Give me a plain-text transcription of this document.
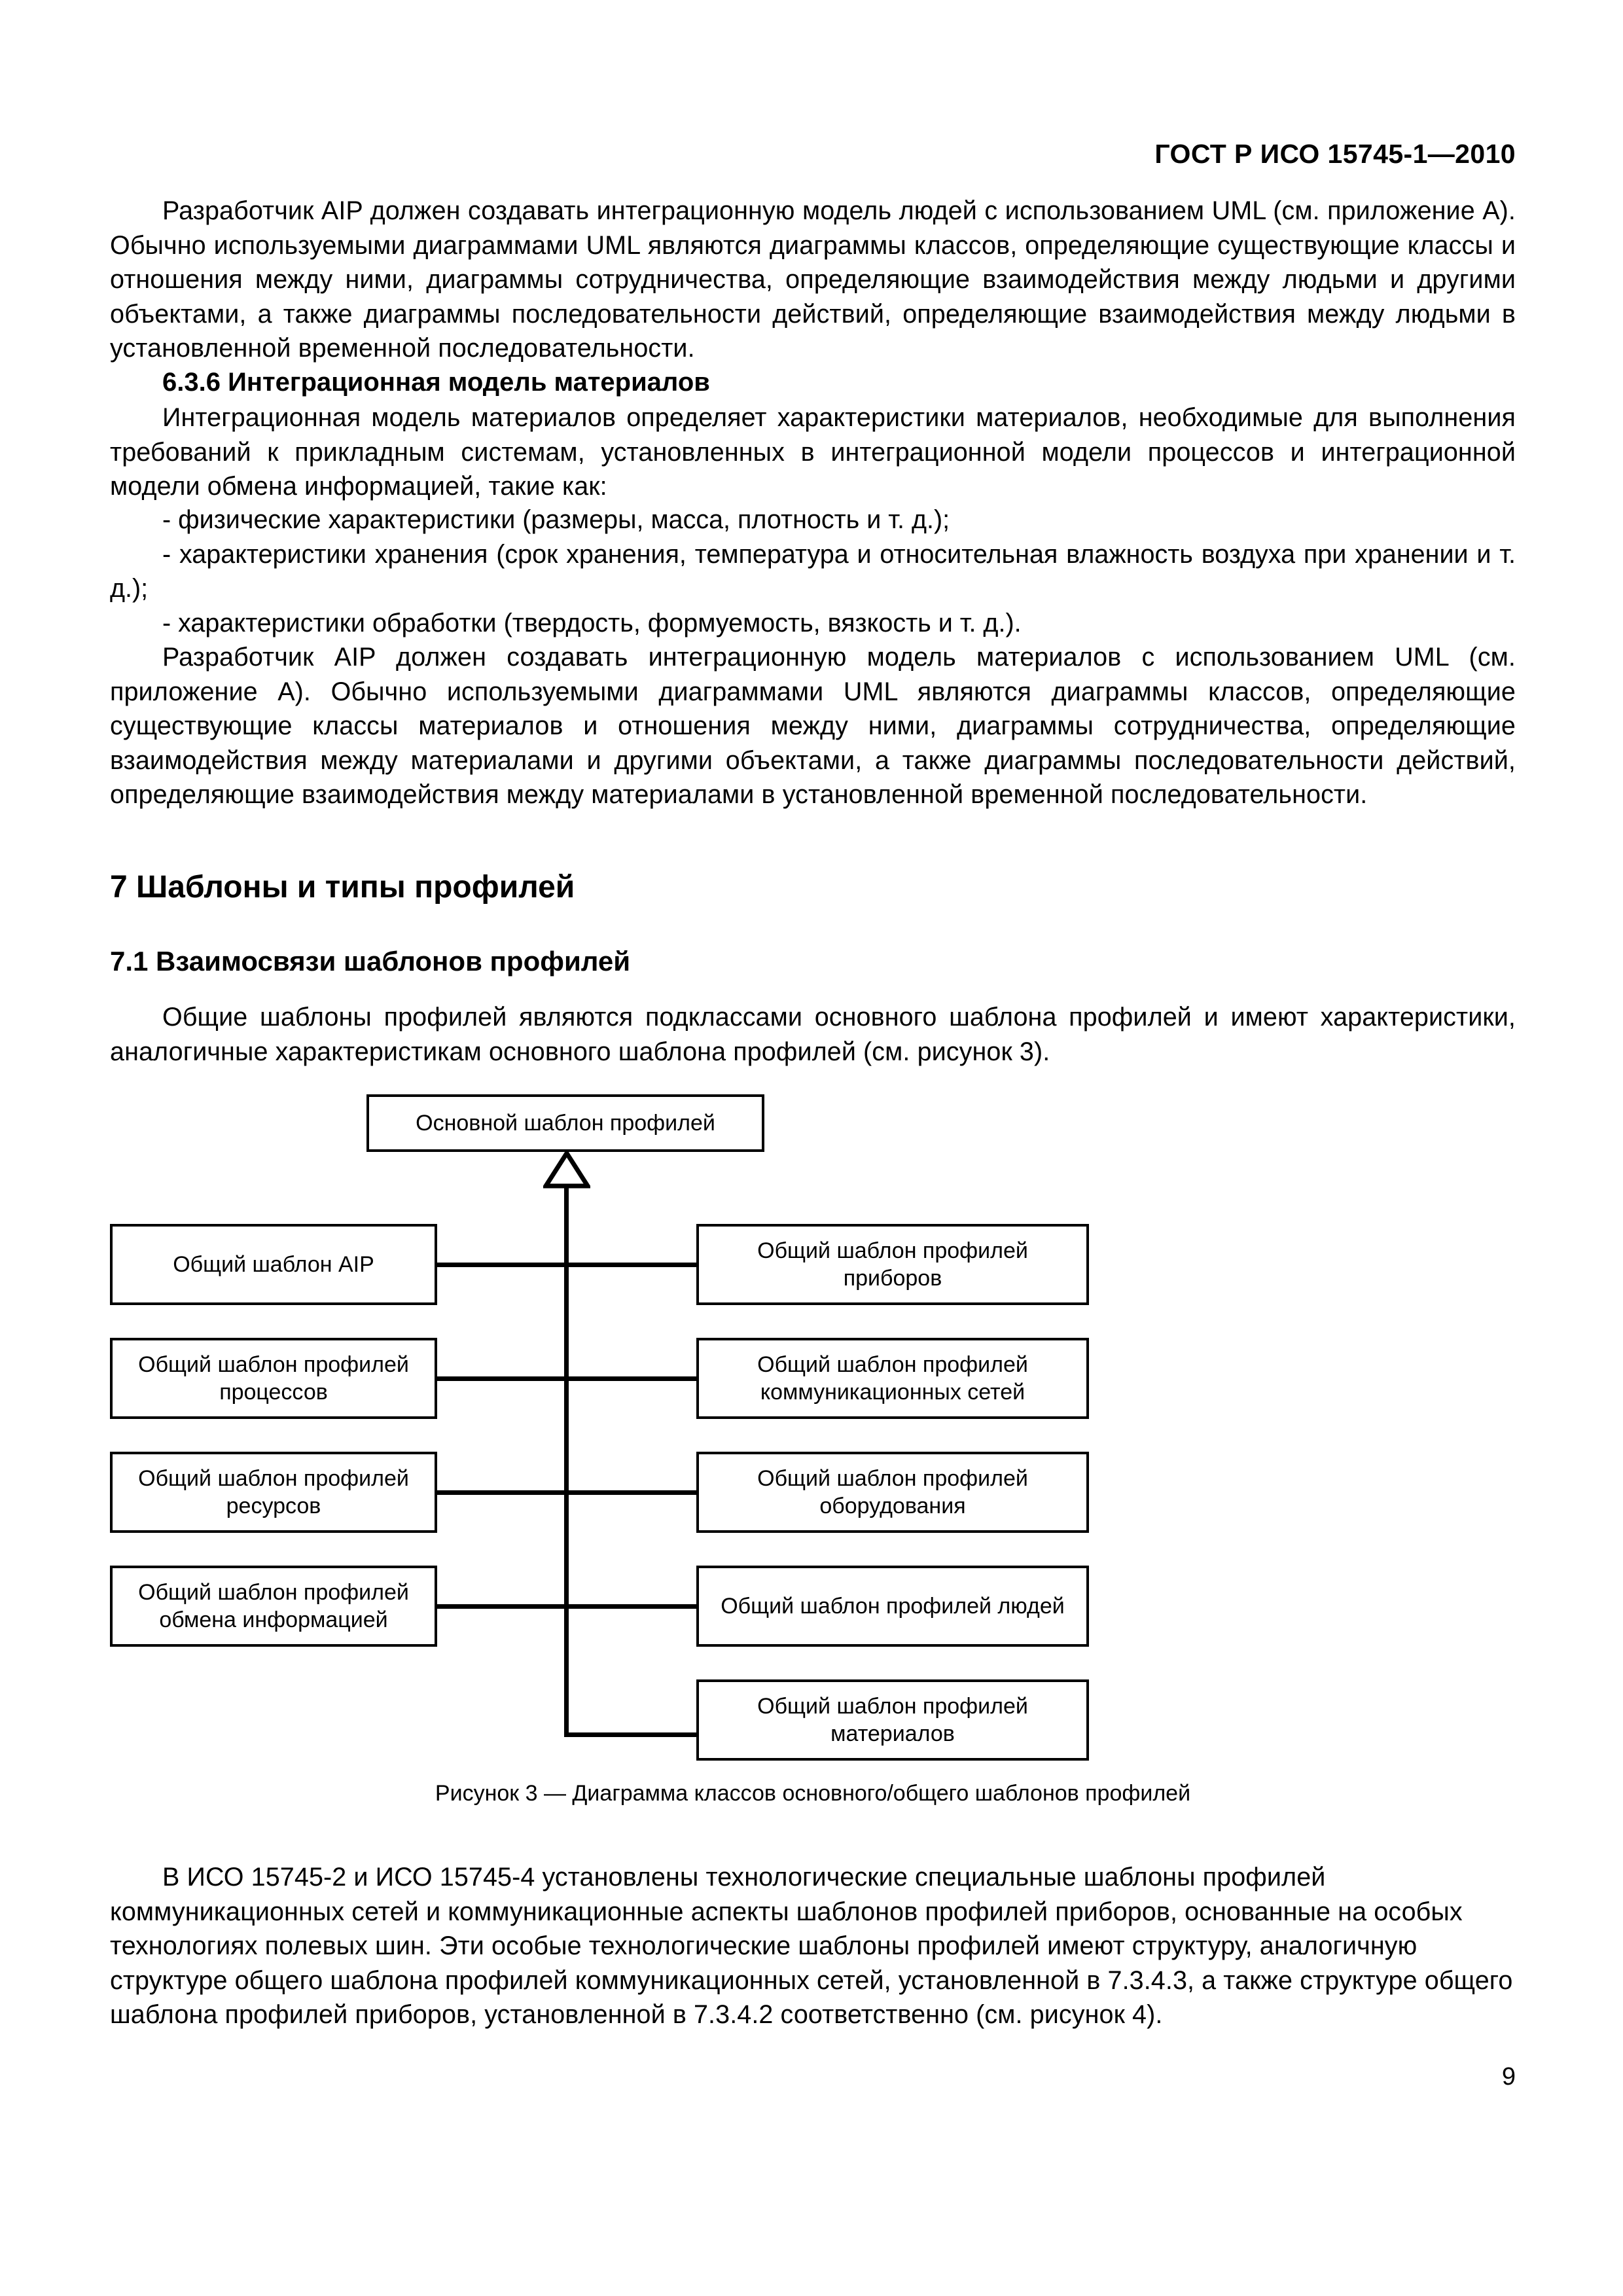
ГОСТ Р ИСО 15745-1—2010

Разработчик AIP должен создавать интеграционную модель людей с использованием UML (см. приложение А). Обычно используемыми диаграммами UML являются диаграммы классов, определяющие существующие классы и отношения между ними, диаграммы сотрудничества, определяющие взаимодействия между людьми и другими объектами, а также диаграммы последовательности действий, определяющие взаимодействия между людьми в установленной временной последовательности.

6.3.6 Интеграционная модель материалов

Интеграционная модель материалов определяет характеристики материалов, необходимые для выполнения требований к прикладным системам, установленных в интеграционной модели процессов и интеграционной модели обмена информацией, такие как:

- физические характеристики (размеры, масса, плотность и т. д.);

- характеристики хранения (срок хранения, температура и относительная влажность воздуха при хранении и т. д.);

- характеристики обработки (твердость, формуемость, вязкость и т. д.).

Разработчик AIP должен создавать интеграционную модель материалов с использованием UML (см. приложение А). Обычно используемыми диаграммами UML являются диаграммы классов, определяющие существующие классы материалов и отношения между ними, диаграммы сотрудничества, определяющие взаимодействия между материалами и другими объектами, а также диаграммы последовательности действий, определяющие взаимодействия между материалами в установленной временной последовательности.

7 Шаблоны и типы профилей
7.1 Взаимосвязи шаблонов профилей

Общие шаблоны профилей являются подклассами основного шаблона профилей и имеют характеристики, аналогичные характеристикам основного шаблона профилей (см. рисунок 3).

Основной шаблон профилей
Общий шаблон AIP
Общий шаблон профилей процессов
Общий шаблон профилей ресурсов
Общий шаблон профилей обмена информацией
Общий шаблон профилей приборов
Общий шаблон профилей коммуникационных сетей
Общий шаблон профилей оборудования
Общий шаблон профилей людей
Общий шаблон профилей материалов
Рисунок 3 — Диаграмма классов основного/общего шаблонов профилей

В ИСО 15745-2 и ИСО 15745-4 установлены технологические специальные шаблоны профилей коммуникационных сетей и коммуникационные аспекты шаблонов профилей приборов, основанные на особых технологиях полевых шин. Эти особые технологические шаблоны профилей имеют структуру, аналогичную структуре общего шаблона профилей коммуникационных сетей, установленной в 7.3.4.3, а также структуре общего шаблона профилей приборов, установленной в 7.3.4.2 соответственно (см. рисунок 4).

9
